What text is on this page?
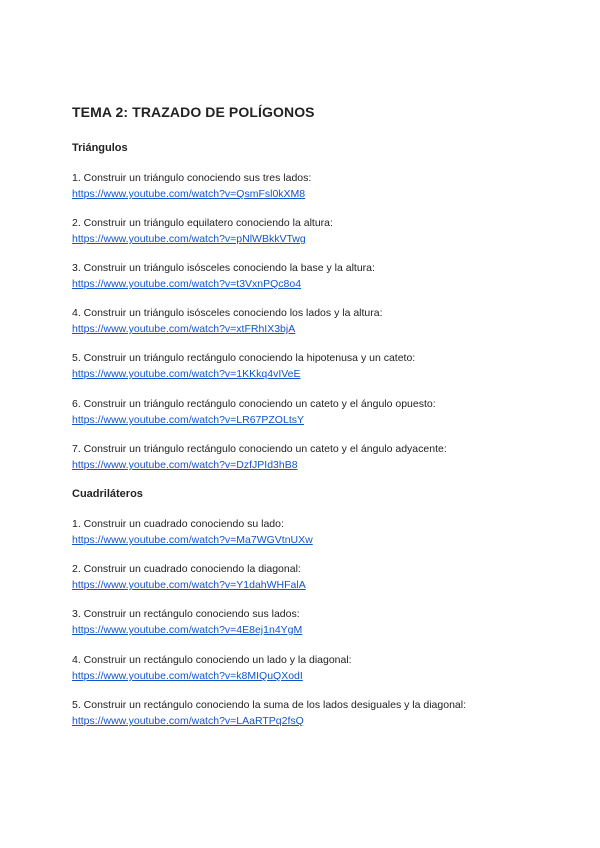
TEMA 2: TRAZADO DE POLÍGONOS
Triángulos
1. Construir un triángulo conociendo sus tres lados:
https://www.youtube.com/watch?v=QsmFsl0kXM8
2. Construir un triángulo equilatero conociendo la altura:
https://www.youtube.com/watch?v=pNlWBkkVTwg
3. Construir un triángulo isósceles conociendo la base y la altura:
https://www.youtube.com/watch?v=t3VxnPQc8o4
4. Construir un triángulo isósceles conociendo los lados y la altura:
https://www.youtube.com/watch?v=xtFRhIX3bjA
5. Construir un triángulo rectángulo conociendo la hipotenusa y un cateto:
https://www.youtube.com/watch?v=1KKkq4vIVeE
6. Construir un triángulo rectángulo conociendo un cateto y el ángulo opuesto:
https://www.youtube.com/watch?v=LR67PZOLtsY
7. Construir un triángulo rectángulo conociendo un cateto y el ángulo adyacente:
https://www.youtube.com/watch?v=DzfJPId3hB8
Cuadriláteros
1. Construir un cuadrado conociendo su lado:
https://www.youtube.com/watch?v=Ma7WGVtnUXw
2. Construir un cuadrado conociendo la diagonal:
https://www.youtube.com/watch?v=Y1dahWHFalA
3. Construir un rectángulo conociendo sus lados:
https://www.youtube.com/watch?v=4E8ej1n4YgM
4. Construir un rectángulo conociendo un lado y la diagonal:
https://www.youtube.com/watch?v=k8MIQuQXodI
5. Construir un rectángulo conociendo la suma de los lados desiguales y la diagonal:
https://www.youtube.com/watch?v=LAaRTPq2fsQ
